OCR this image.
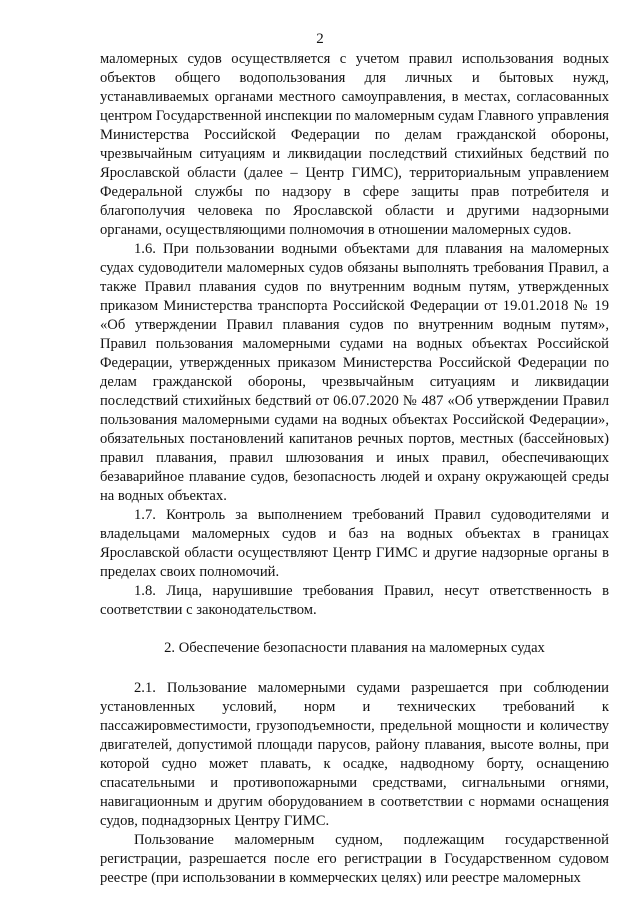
2

маломерных судов осуществляется с учетом правил использования водных объектов общего водопользования для личных и бытовых нужд, устанавливаемых органами местного самоуправления, в местах, согласованных центром Государственной инспекции по маломерным судам Главного управления Министерства Российской Федерации по делам гражданской обороны, чрезвычайным ситуациям и ликвидации последствий стихийных бедствий по Ярославской области (далее – Центр ГИМС), территориальным управлением Федеральной службы по надзору в сфере защиты прав потребителя и благополучия человека по Ярославской области и другими надзорными органами, осуществляющими полномочия в отношении маломерных судов.

1.6. При пользовании водными объектами для плавания на маломерных судах судоводители маломерных судов обязаны выполнять требования Правил, а также Правил плавания судов по внутренним водным путям, утвержденных приказом Министерства транспорта Российской Федерации от 19.01.2018 № 19 «Об утверждении Правил плавания судов по внутренним водным путям», Правил пользования маломерными судами на водных объектах Российской Федерации, утвержденных приказом Министерства Российской Федерации по делам гражданской обороны, чрезвычайным ситуациям и ликвидации последствий стихийных бедствий от 06.07.2020 № 487 «Об утверждении Правил пользования маломерными судами на водных объектах Российской Федерации», обязательных постановлений капитанов речных портов, местных (бассейновых) правил плавания, правил шлюзования и иных правил, обеспечивающих безаварийное плавание судов, безопасность людей и охрану окружающей среды на водных объектах.

1.7. Контроль за выполнением требований Правил судоводителями и владельцами маломерных судов и баз на водных объектах в границах Ярославской области осуществляют Центр ГИМС и другие надзорные органы в пределах своих полномочий.

1.8. Лица, нарушившие требования Правил, несут ответственность в соответствии с законодательством.

2. Обеспечение безопасности плавания на маломерных судах

2.1. Пользование маломерными судами разрешается при соблюдении установленных условий, норм и технических требований к пассажировместимости, грузоподъемности, предельной мощности и количеству двигателей, допустимой площади парусов, району плавания, высоте волны, при которой судно может плавать, к осадке, надводному борту, оснащению спасательными и противопожарными средствами, сигнальными огнями, навигационным и другим оборудованием в соответствии с нормами оснащения судов, поднадзорных Центру ГИМС.

Пользование маломерным судном, подлежащим государственной регистрации, разрешается после его регистрации в Государственном судовом реестре (при использовании в коммерческих целях) или реестре маломерных
